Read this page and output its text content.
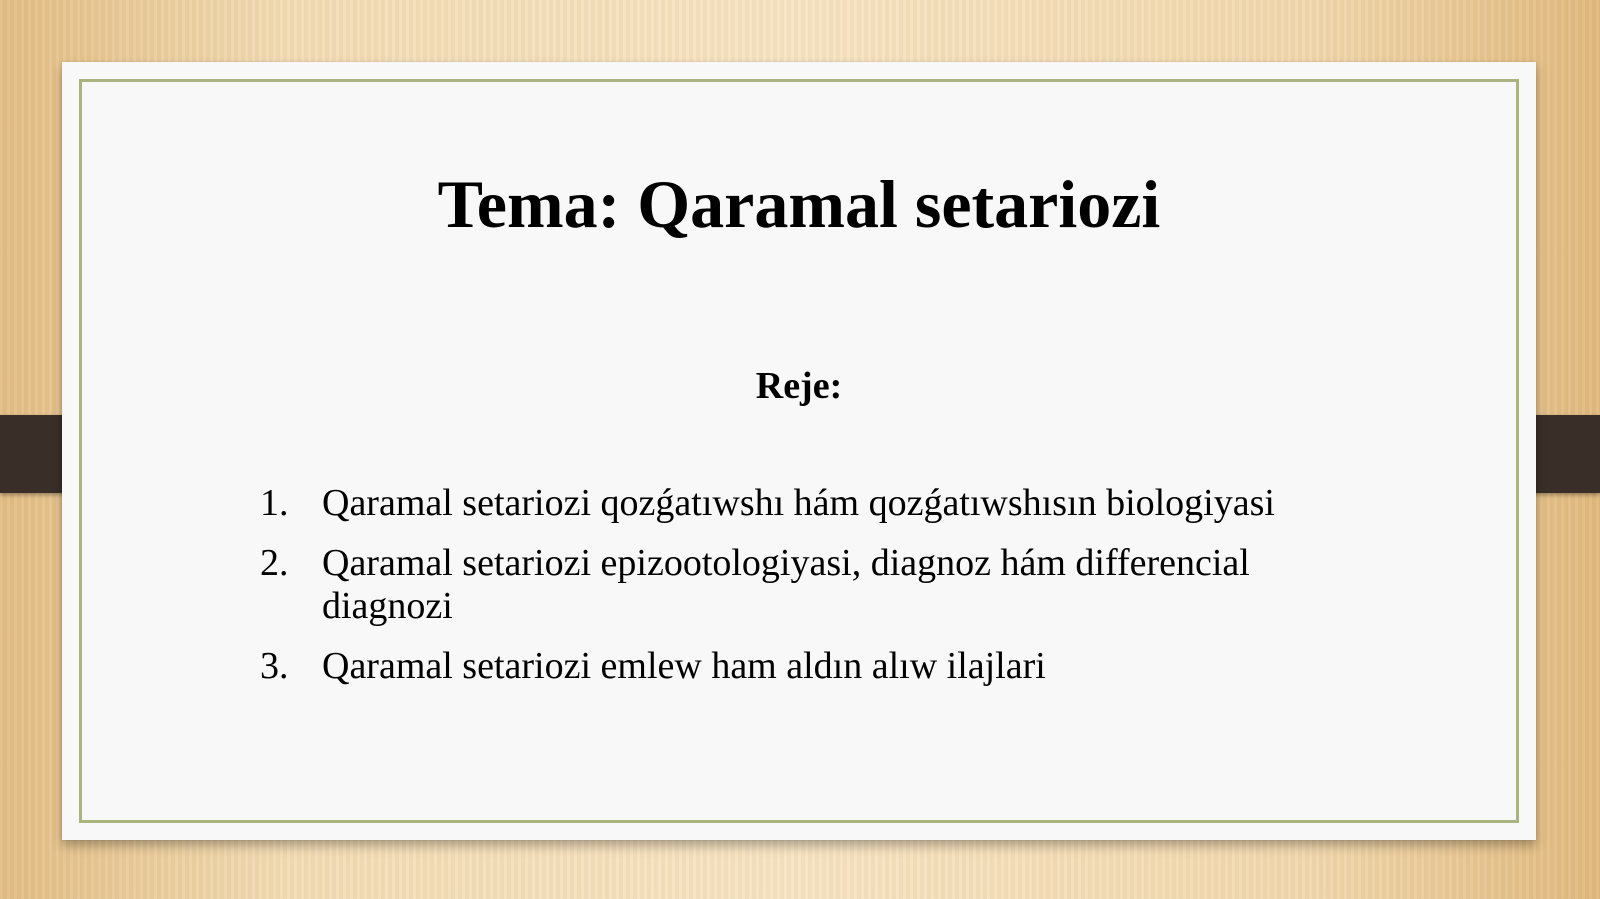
Tema: Qaramal setariozi
Reje:
1. Qaramal setariozi qozǵatıwshı hám qozǵatıwshısın biologiyasi
2. Qaramal setariozi epizootologiyasi, diagnoz hám differencial diagnozi
3. Qaramal setariozi emlew ham aldın alıw ilajlari
